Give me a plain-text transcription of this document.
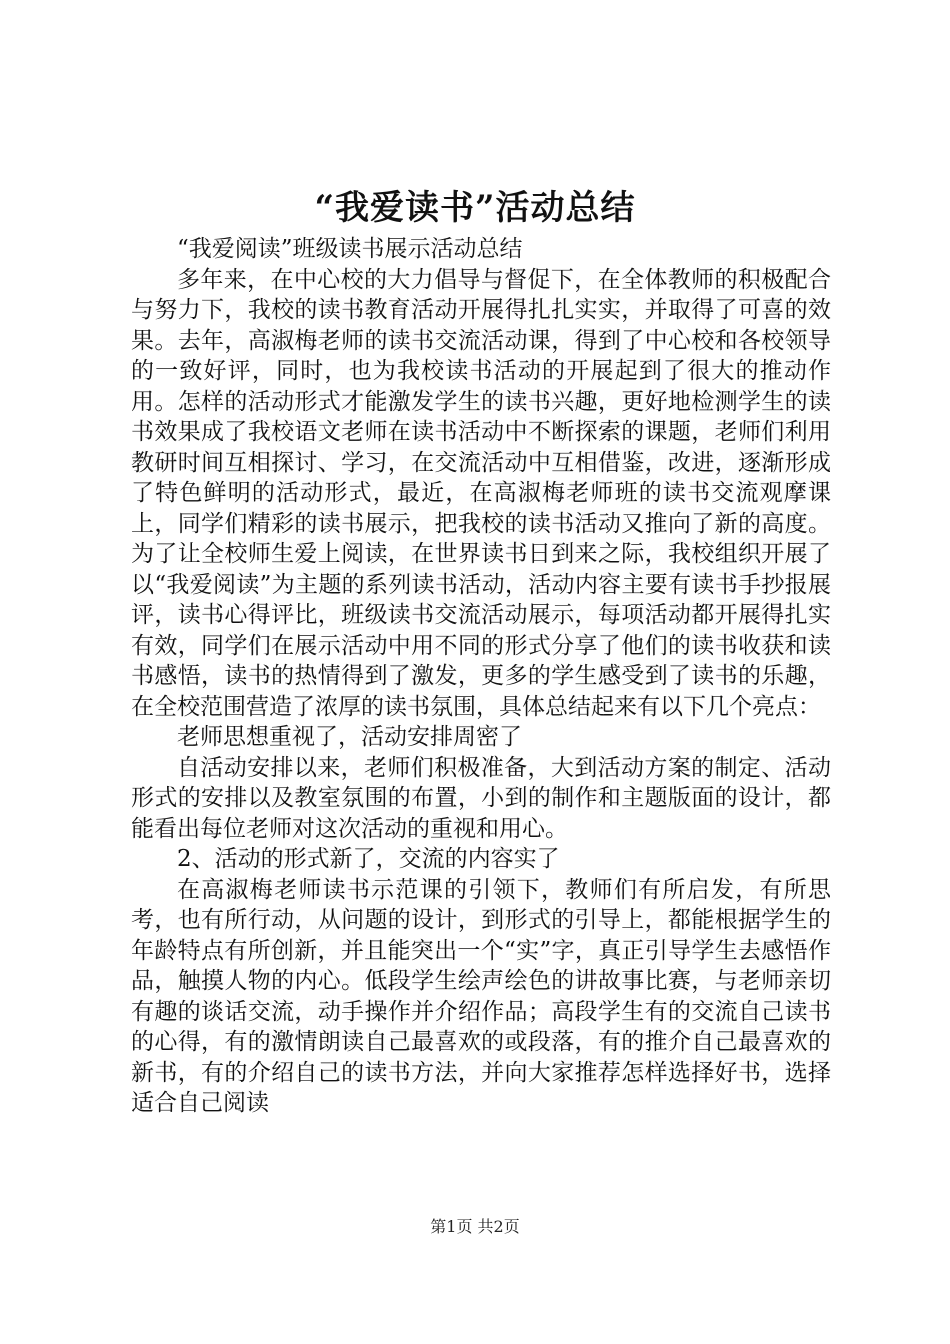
“我爱读书”活动总结

“我爱阅读”班级读书展示活动总结

多年来，在中心校的大力倡导与督促下，在全体教师的积极配合与努力下，我校的读书教育活动开展得扎扎实实，并取得了可喜的效果。去年，高淑梅老师的读书交流活动课，得到了中心校和各校领导的一致好评，同时，也为我校读书活动的开展起到了很大的推动作用。怎样的活动形式才能激发学生的读书兴趣，更好地检测学生的读书效果成了我校语文老师在读书活动中不断探索的课题，老师们利用教研时间互相探讨、学习，在交流活动中互相借鉴，改进，逐渐形成了特色鲜明的活动形式，最近，在高淑梅老师班的读书交流观摩课上，同学们精彩的读书展示，把我校的读书活动又推向了新的高度。为了让全校师生爱上阅读，在世界读书日到来之际，我校组织开展了以“我爱阅读”为主题的系列读书活动，活动内容主要有读书手抄报展评，读书心得评比，班级读书交流活动展示，每项活动都开展得扎实有效，同学们在展示活动中用不同的形式分享了他们的读书收获和读书感悟，读书的热情得到了激发，更多的学生感受到了读书的乐趣，在全校范围营造了浓厚的读书氛围，具体总结起来有以下几个亮点：

老师思想重视了，活动安排周密了

自活动安排以来，老师们积极准备，大到活动方案的制定、活动形式的安排以及教室氛围的布置，小到的制作和主题版面的设计，都能看出每位老师对这次活动的重视和用心。

2、活动的形式新了，交流的内容实了

在高淑梅老师读书示范课的引领下，教师们有所启发，有所思考，也有所行动，从问题的设计，到形式的引导上，都能根据学生的年龄特点有所创新，并且能突出一个“实”字，真正引导学生去感悟作品，触摸人物的内心。低段学生绘声绘色的讲故事比赛，与老师亲切有趣的谈话交流，动手操作并介绍作品；高段学生有的交流自己读书的心得，有的激情朗读自己最喜欢的或段落，有的推介自己最喜欢的新书，有的介绍自己的读书方法，并向大家推荐怎样选择好书，选择适合自己阅读

第1页 共2页
